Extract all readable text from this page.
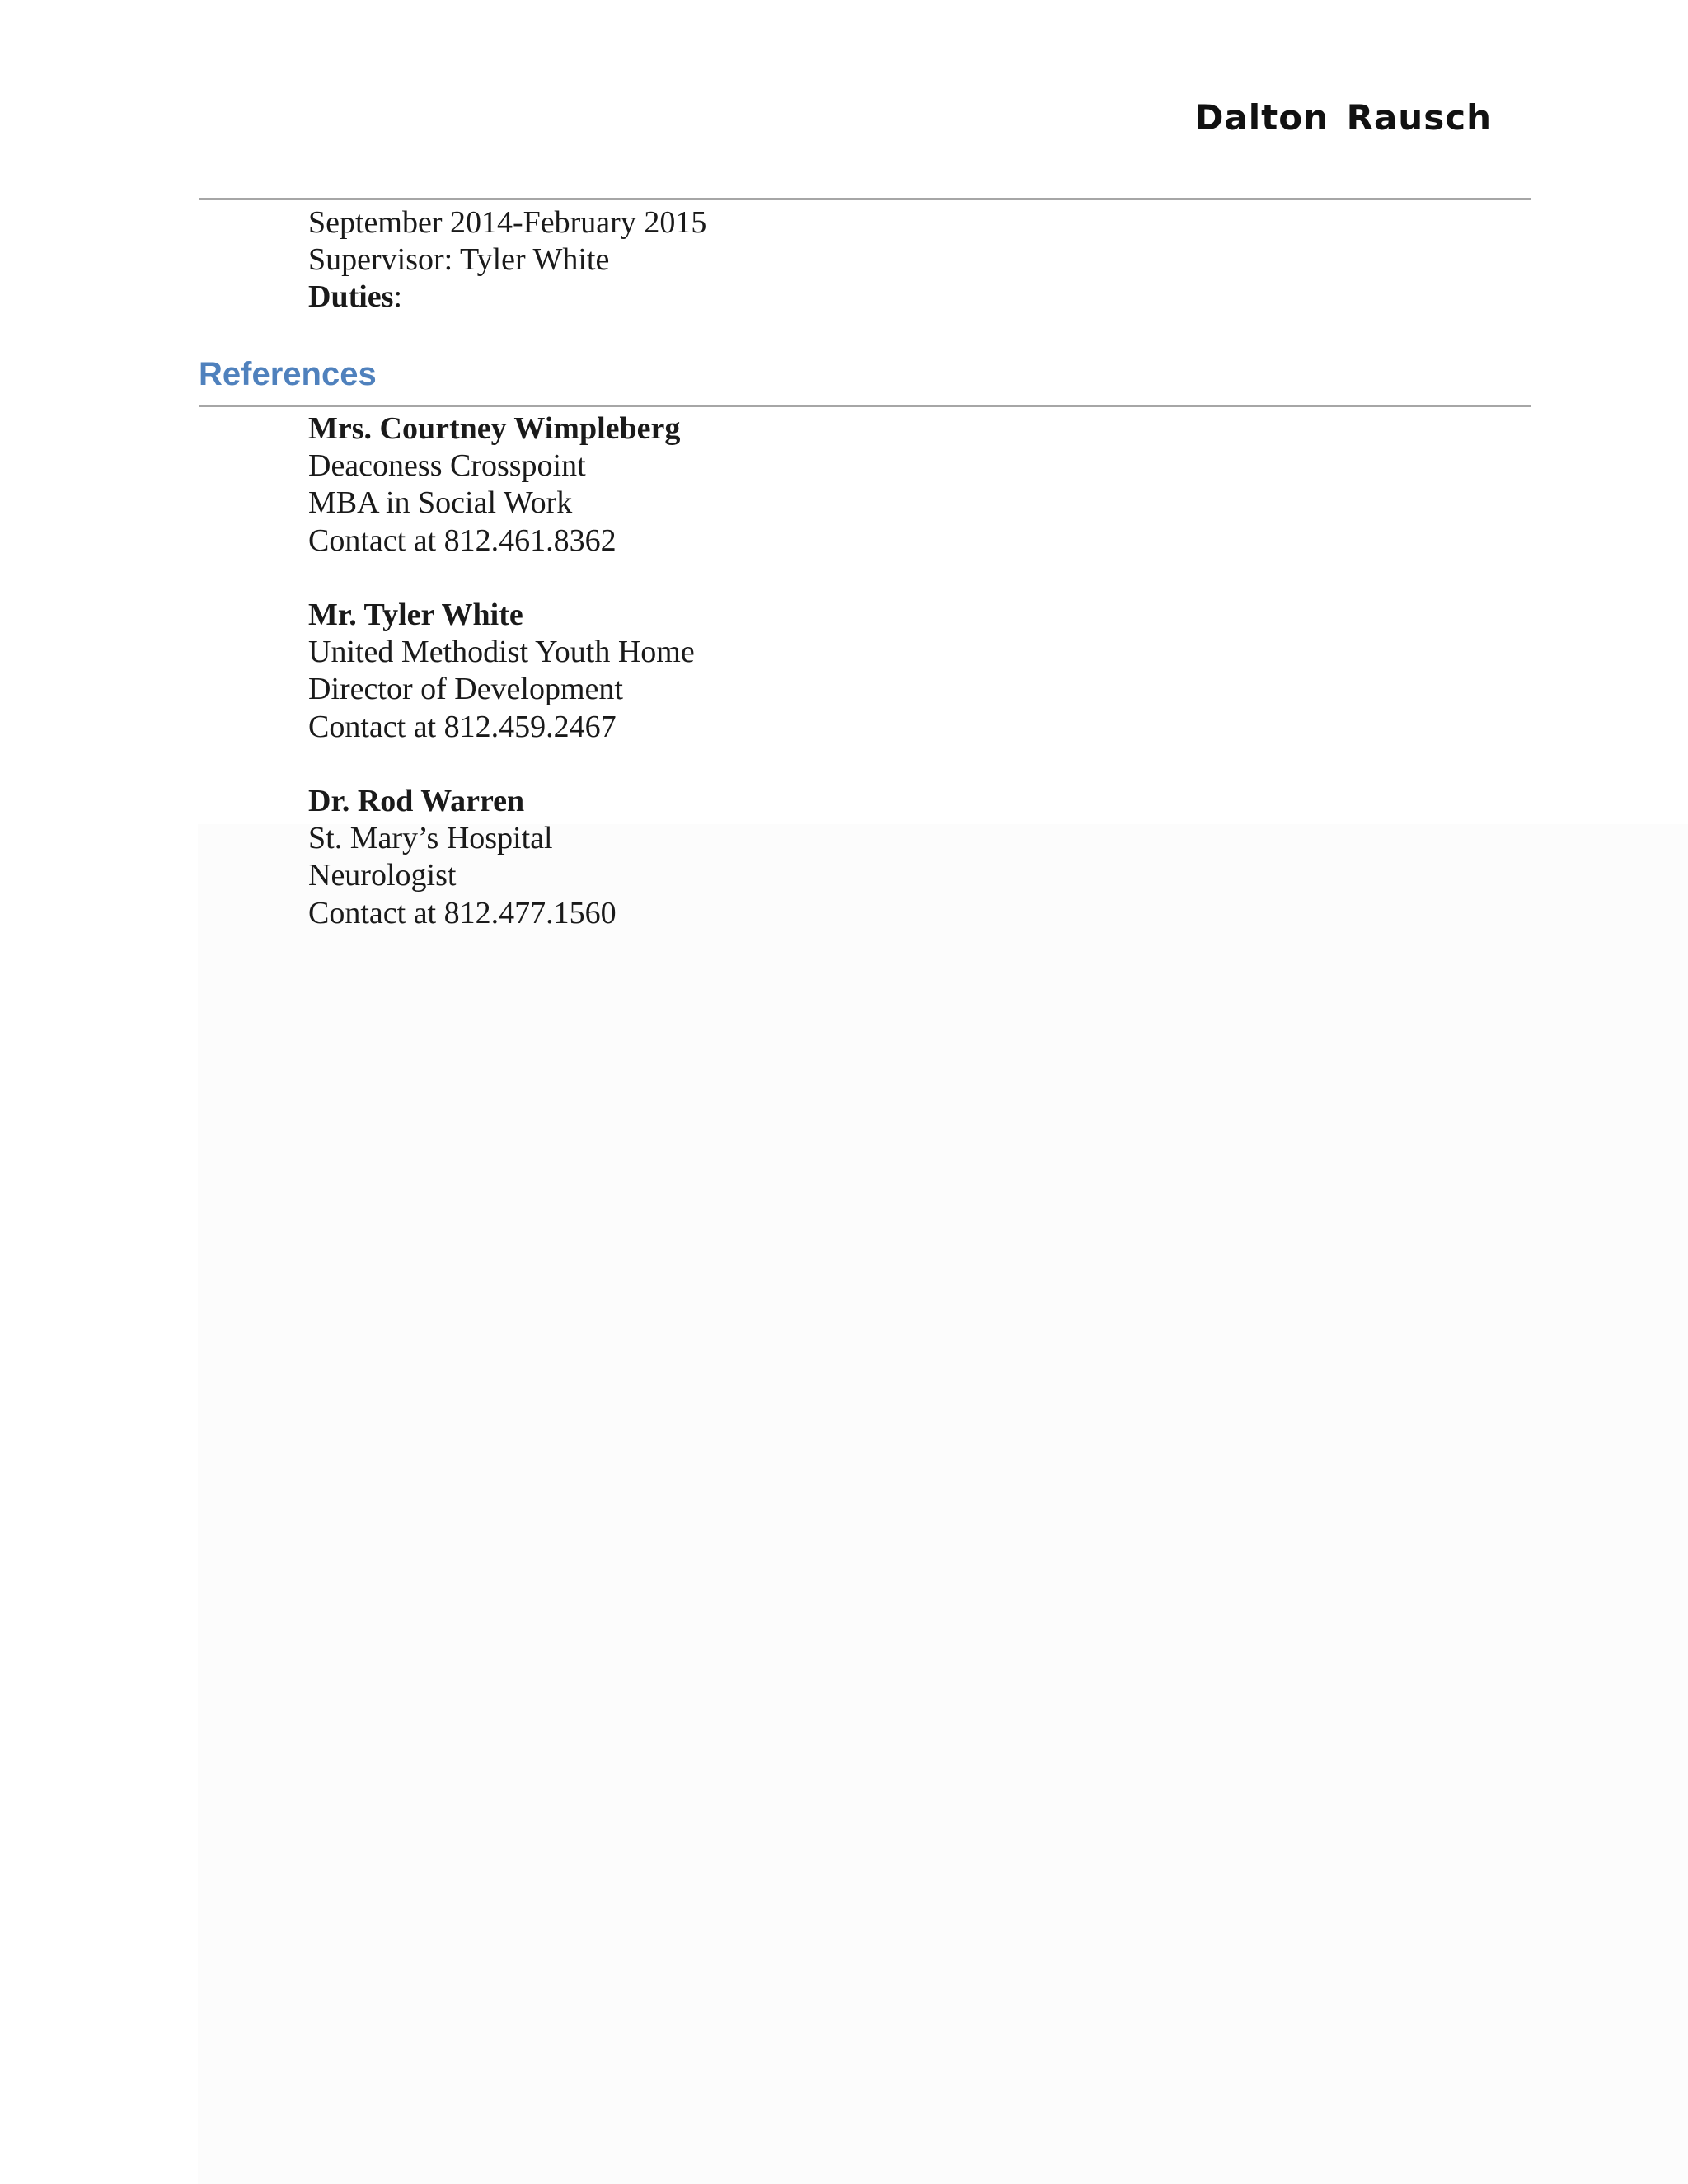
Dalton Rausch
September 2014-February 2015
Supervisor: Tyler White
Duties:
References
Mrs. Courtney Wimpleberg
Deaconess Crosspoint
MBA in Social Work
Contact at 812.461.8362
Mr. Tyler White
United Methodist Youth Home
Director of Development
Contact at 812.459.2467
Dr. Rod Warren
St. Mary’s Hospital
Neurologist
Contact at 812.477.1560
